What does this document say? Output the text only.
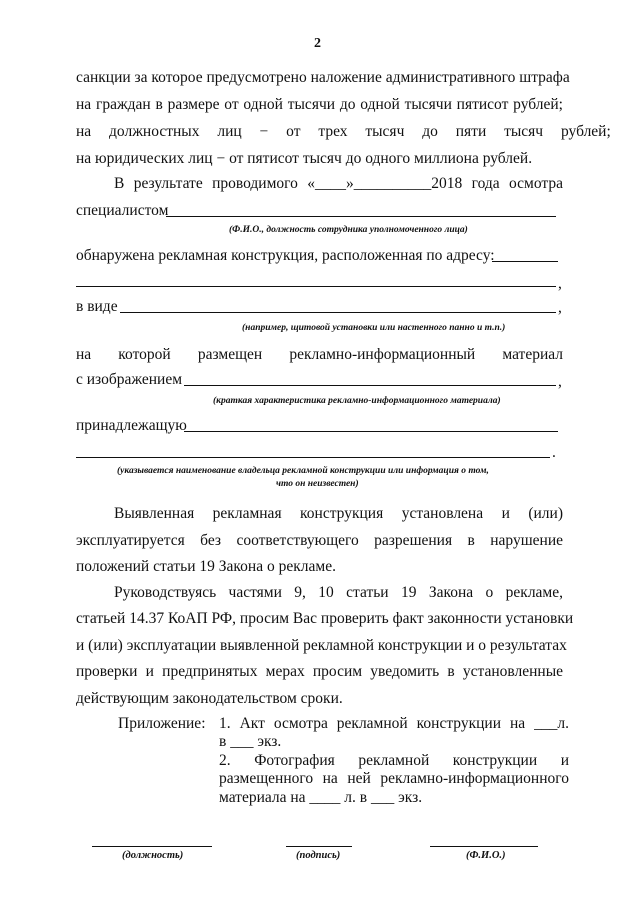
2
санкции за которое предусмотрено наложение административного штрафа
на граждан в размере от одной тысячи до одной тысячи пятисот рублей;
на должностных лиц − от трех тысяч до пяти тысяч рублей;
на юридических лиц − от пятисот тысяч до одного миллиона рублей.
В результате проводимого «____»__________2018 года осмотра
специалистом
(Ф.И.О., должность сотрудника уполномоченного лица)
обнаружена рекламная конструкция, расположенная по адресу:
,
в виде	,
(например, щитовой установки или настенного панно и т.п.)
на которой размещен рекламно-информационный материал
с изображением	,
(краткая характеристика рекламно-информационного материала)
принадлежащую
.
(указывается наименование владельца рекламной конструкции или информация о том,
что он неизвестен)
Выявленная рекламная конструкция установлена и (или)
эксплуатируется без соответствующего разрешения в нарушение
положений статьи 19 Закона о рекламе.
Руководствуясь частями 9, 10 статьи 19 Закона о рекламе,
статьей 14.37 КоАП РФ, просим Вас проверить факт законности установки
и (или) эксплуатации выявленной рекламной конструкции и о результатах
проверки и предпринятых мерах просим уведомить в установленные
действующим законодательством сроки.
Приложение: 1. Акт осмотра рекламной конструкции на ___л.
в ___ экз.
2. Фотография рекламной конструкции и
размещенного на ней рекламно-информационного
материала на ____ л. в ___ экз.
(должность)	(подпись)	(Ф.И.О.)
